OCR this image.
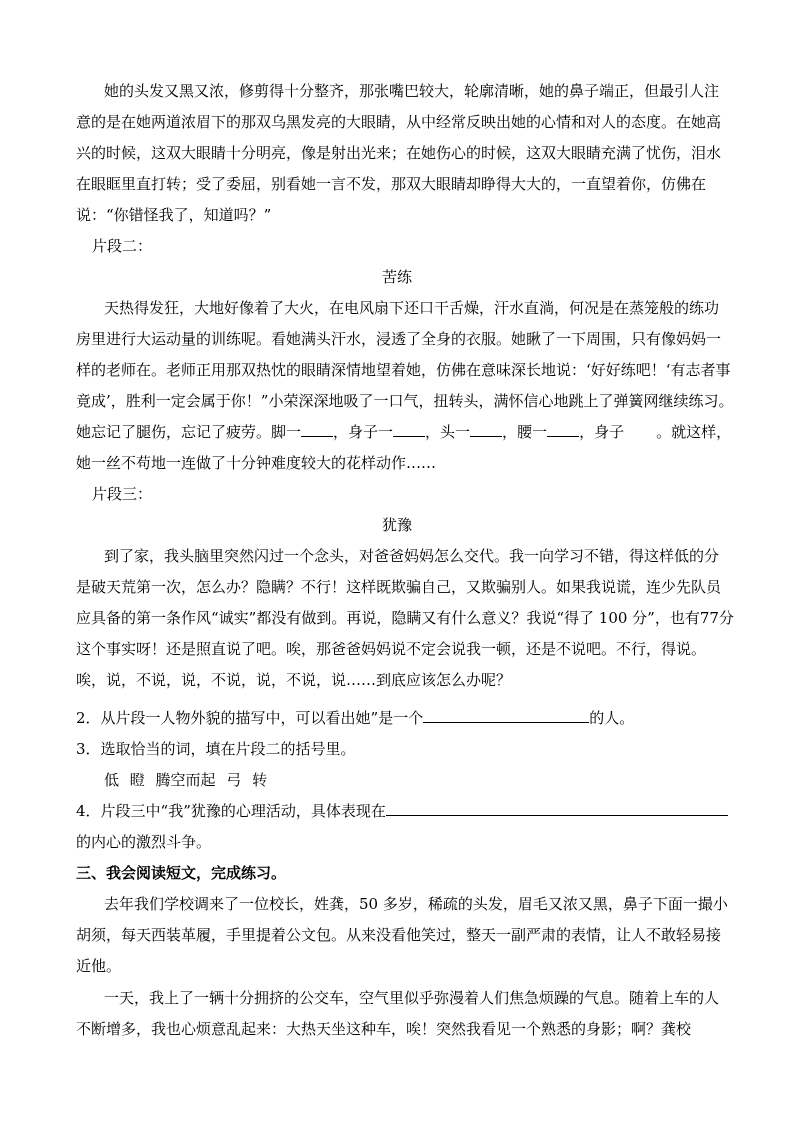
她的头发又黑又浓，修剪得十分整齐，那张嘴巴较大，轮廓清晰，她的鼻子端正，但最引人注
意的是在她两道浓眉下的那双乌黑发亮的大眼睛，从中经常反映出她的心情和对人的态度。在她高
兴的时候，这双大眼睛十分明亮，像是射出光来；在她伤心的时候，这双大眼睛充满了忧伤，泪水
在眼眶里直打转；受了委屈，别看她一言不发，那双大眼睛却睁得大大的，一直望着你，仿佛在
说：“你错怪我了，知道吗？”
片段二：
苦练
天热得发狂，大地好像着了大火，在电风扇下还口干舌燥，汗水直淌，何况是在蒸笼般的练功
房里进行大运动量的训练呢。看她满头汗水，浸透了全身的衣服。她瞅了一下周围，只有像妈妈一
样的老师在。老师正用那双热忱的眼睛深情地望着她，仿佛在意味深长地说：‘好好练吧！‘有志者事
竟成’，胜利一定会属于你！”小荣深深地吸了一口气，扭转头，满怀信心地跳上了弹簧网继续练习。
她忘记了腿伤，忘记了疲劳。脚一 ，身子一 ，头一 ，腰一 ，身子 。就这样，
她一丝不苟地一连做了十分钟难度较大的花样动作……
片段三：
犹豫
到了家，我头脑里突然闪过一个念头，对爸爸妈妈怎么交代。我一向学习不错，得这样低的分
是破天荒第一次，怎么办？隐瞒？不行！这样既欺骗自己，又欺骗别人。如果我说谎，连少先队员
应具备的第一条作风“诚实”都没有做到。再说，隐瞒又有什么意义？我说“得了 100 分”，也有77分
这个事实呀！还是照直说了吧。唉，那爸爸妈妈说不定会说我一顿，还是不说吧。不行，得说。
唉，说，不说，说，不说，说，不说，说……到底应该怎么办呢？
2．从片段一人物外貌的描写中，可以看出她”是一个	的人。
3．选取恰当的词，填在片段二的括号里。
低 瞪 腾空而起 弓 转
4．片段三中“我”犹豫的心理活动，具体表现在
的内心的激烈斗争。
三、我会阅读短文，完成练习。
去年我们学校调来了一位校长，姓龚，50 多岁，稀疏的头发，眉毛又浓又黑，鼻子下面一撮小
胡须，每天西装革履，手里提着公文包。从来没看他笑过，整天一副严肃的表情，让人不敢轻易接
近他。
一天，我上了一辆十分拥挤的公交车，空气里似乎弥漫着人们焦急烦躁的气息。随着上车的人
不断增多，我也心烦意乱起来：大热天坐这种车，唉！突然我看见一个熟悉的身影；啊？龚校
